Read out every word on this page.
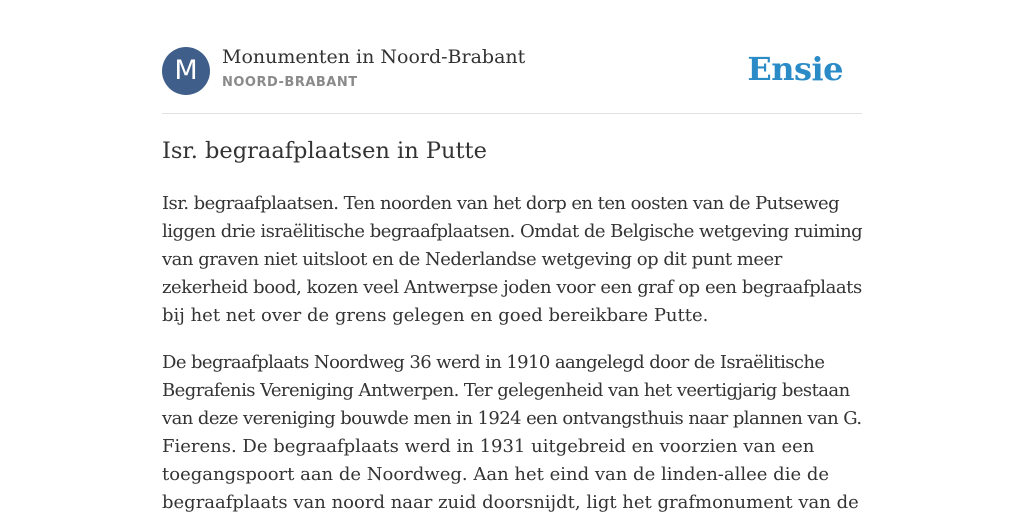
M	Monumenten in Noord-Brabant
NOORD-BRABANT	Ensie
Isr. begraafplaatsen in Putte

Isr. begraafplaatsen. Ten noorden van het dorp en ten oosten van de Putseweg
liggen drie israëlitische begraafplaatsen. Omdat de Belgische wetgeving ruiming
van graven niet uitsloot en de Nederlandse wetgeving op dit punt meer
zekerheid bood, kozen veel Antwerpse joden voor een graf op een begraafplaats
bij het net over de grens gelegen en goed bereikbare Putte.

De begraafplaats Noordweg 36 werd in 1910 aangelegd door de Israëlitische
Begrafenis Vereniging Antwerpen. Ter gelegenheid van het veertigjarig bestaan
van deze vereniging bouwde men in 1924 een ontvangsthuis naar plannen van G.
Fierens. De begraafplaats werd in 1931 uitgebreid en voorzien van een
toegangspoort aan de Noordweg. Aan het eind van de linden-allee die de
begraafplaats van noord naar zuid doorsnijdt, ligt het grafmonument van de
